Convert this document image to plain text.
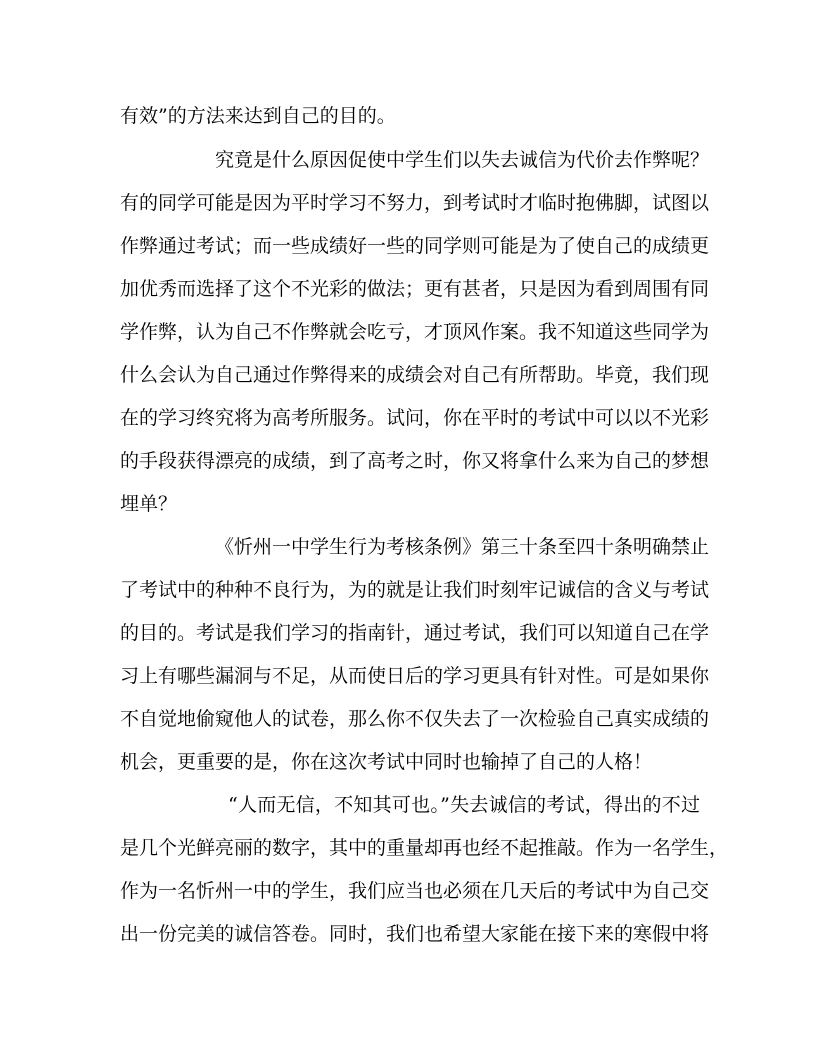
有效”的方法来达到自己的目的。
究竟是什么原因促使中学生们以失去诚信为代价去作弊呢？
有的同学可能是因为平时学习不努力，到考试时才临时抱佛脚，试图以
作弊通过考试；而一些成绩好一些的同学则可能是为了使自己的成绩更
加优秀而选择了这个不光彩的做法；更有甚者，只是因为看到周围有同
学作弊，认为自己不作弊就会吃亏，才顶风作案。我不知道这些同学为
什么会认为自己通过作弊得来的成绩会对自己有所帮助。毕竟，我们现
在的学习终究将为高考所服务。试问，你在平时的考试中可以以不光彩
的手段获得漂亮的成绩，到了高考之时，你又将拿什么来为自己的梦想
埋单？
《忻州一中学生行为考核条例》第三十条至四十条明确禁止
了考试中的种种不良行为，为的就是让我们时刻牢记诚信的含义与考试
的目的。考试是我们学习的指南针，通过考试，我们可以知道自己在学
习上有哪些漏洞与不足，从而使日后的学习更具有针对性。可是如果你
不自觉地偷窥他人的试卷，那么你不仅失去了一次检验自己真实成绩的
机会，更重要的是，你在这次考试中同时也输掉了自己的人格！
“人而无信，不知其可也。”失去诚信的考试，得出的不过
是几个光鲜亮丽的数字，其中的重量却再也经不起推敲。作为一名学生，
作为一名忻州一中的学生，我们应当也必须在几天后的考试中为自己交
出一份完美的诚信答卷。同时，我们也希望大家能在接下来的寒假中将
